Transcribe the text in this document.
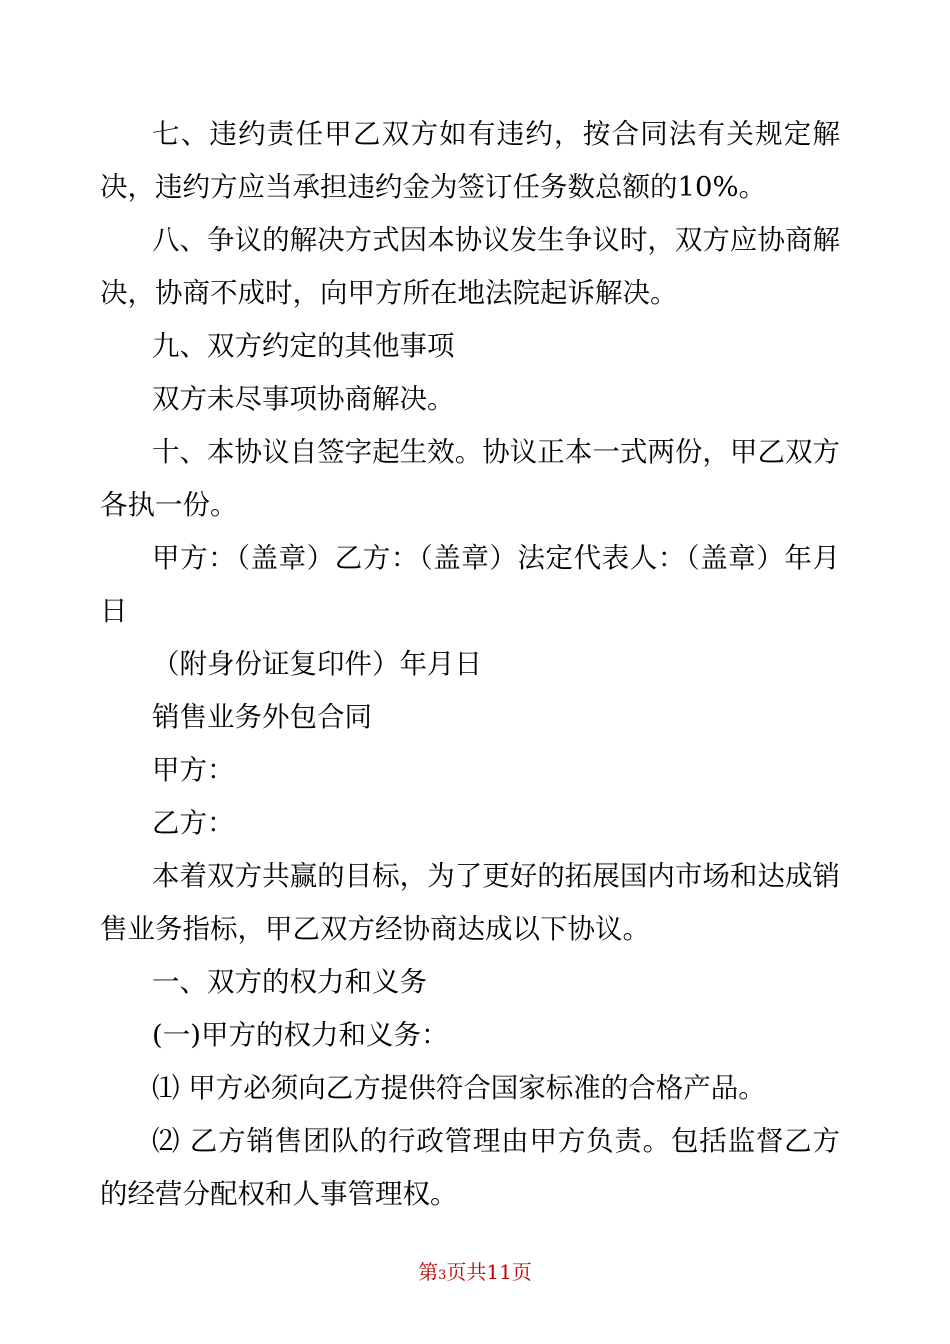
七、违约责任甲乙双方如有违约，按合同法有关规定解决，违约方应当承担违约金为签订任务数总额的10%。

八、争议的解决方式因本协议发生争议时，双方应协商解决，协商不成时，向甲方所在地法院起诉解决。

九、双方约定的其他事项

双方未尽事项协商解决。

十、本协议自签字起生效。协议正本一式两份，甲乙双方各执一份。

甲方：（盖章）乙方：（盖章）法定代表人：（盖章）年月日

（附身份证复印件）年月日

销售业务外包合同

甲方：

乙方：

本着双方共赢的目标，为了更好的拓展国内市场和达成销售业务指标，甲乙双方经协商达成以下协议。

一、双方的权力和义务

(一)甲方的权力和义务：

⑴ 甲方必须向乙方提供符合国家标准的合格产品。

⑵ 乙方销售团队的行政管理由甲方负责。包括监督乙方的经营分配权和人事管理权。

第3页共11页
